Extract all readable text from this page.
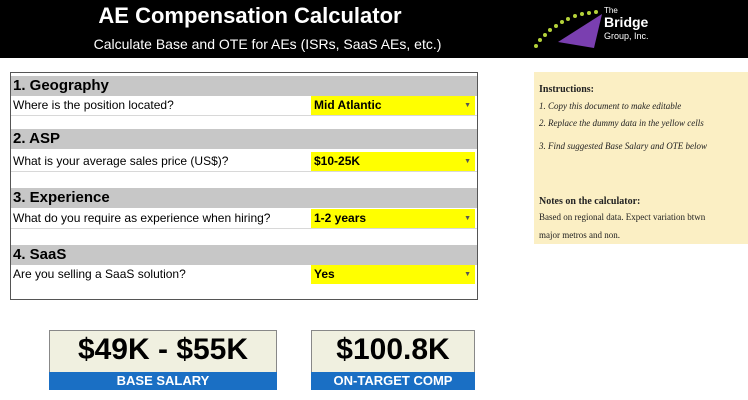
AE Compensation Calculator
Calculate Base and OTE for AEs (ISRs, SaaS AEs, etc.)
The
Bridge
Group, Inc.
1. Geography
Where is the position located?	Mid Atlantic	▼
2. ASP
What is your average sales price (US$)?	$10-25K	▼
3. Experience
What do you require as experience when hiring?	1-2 years	▼
4. SaaS
Are you selling a SaaS solution?	Yes	▼
Instructions:
1. Copy this document to make editable
2. Replace the dummy data in the yellow cells
3. Find suggested Base Salary and OTE below
Notes on the calculator:
Based on regional data. Expect variation btwn
major metros and non.
$49K - $55K
BASE SALARY
$100.8K
ON-TARGET COMP
